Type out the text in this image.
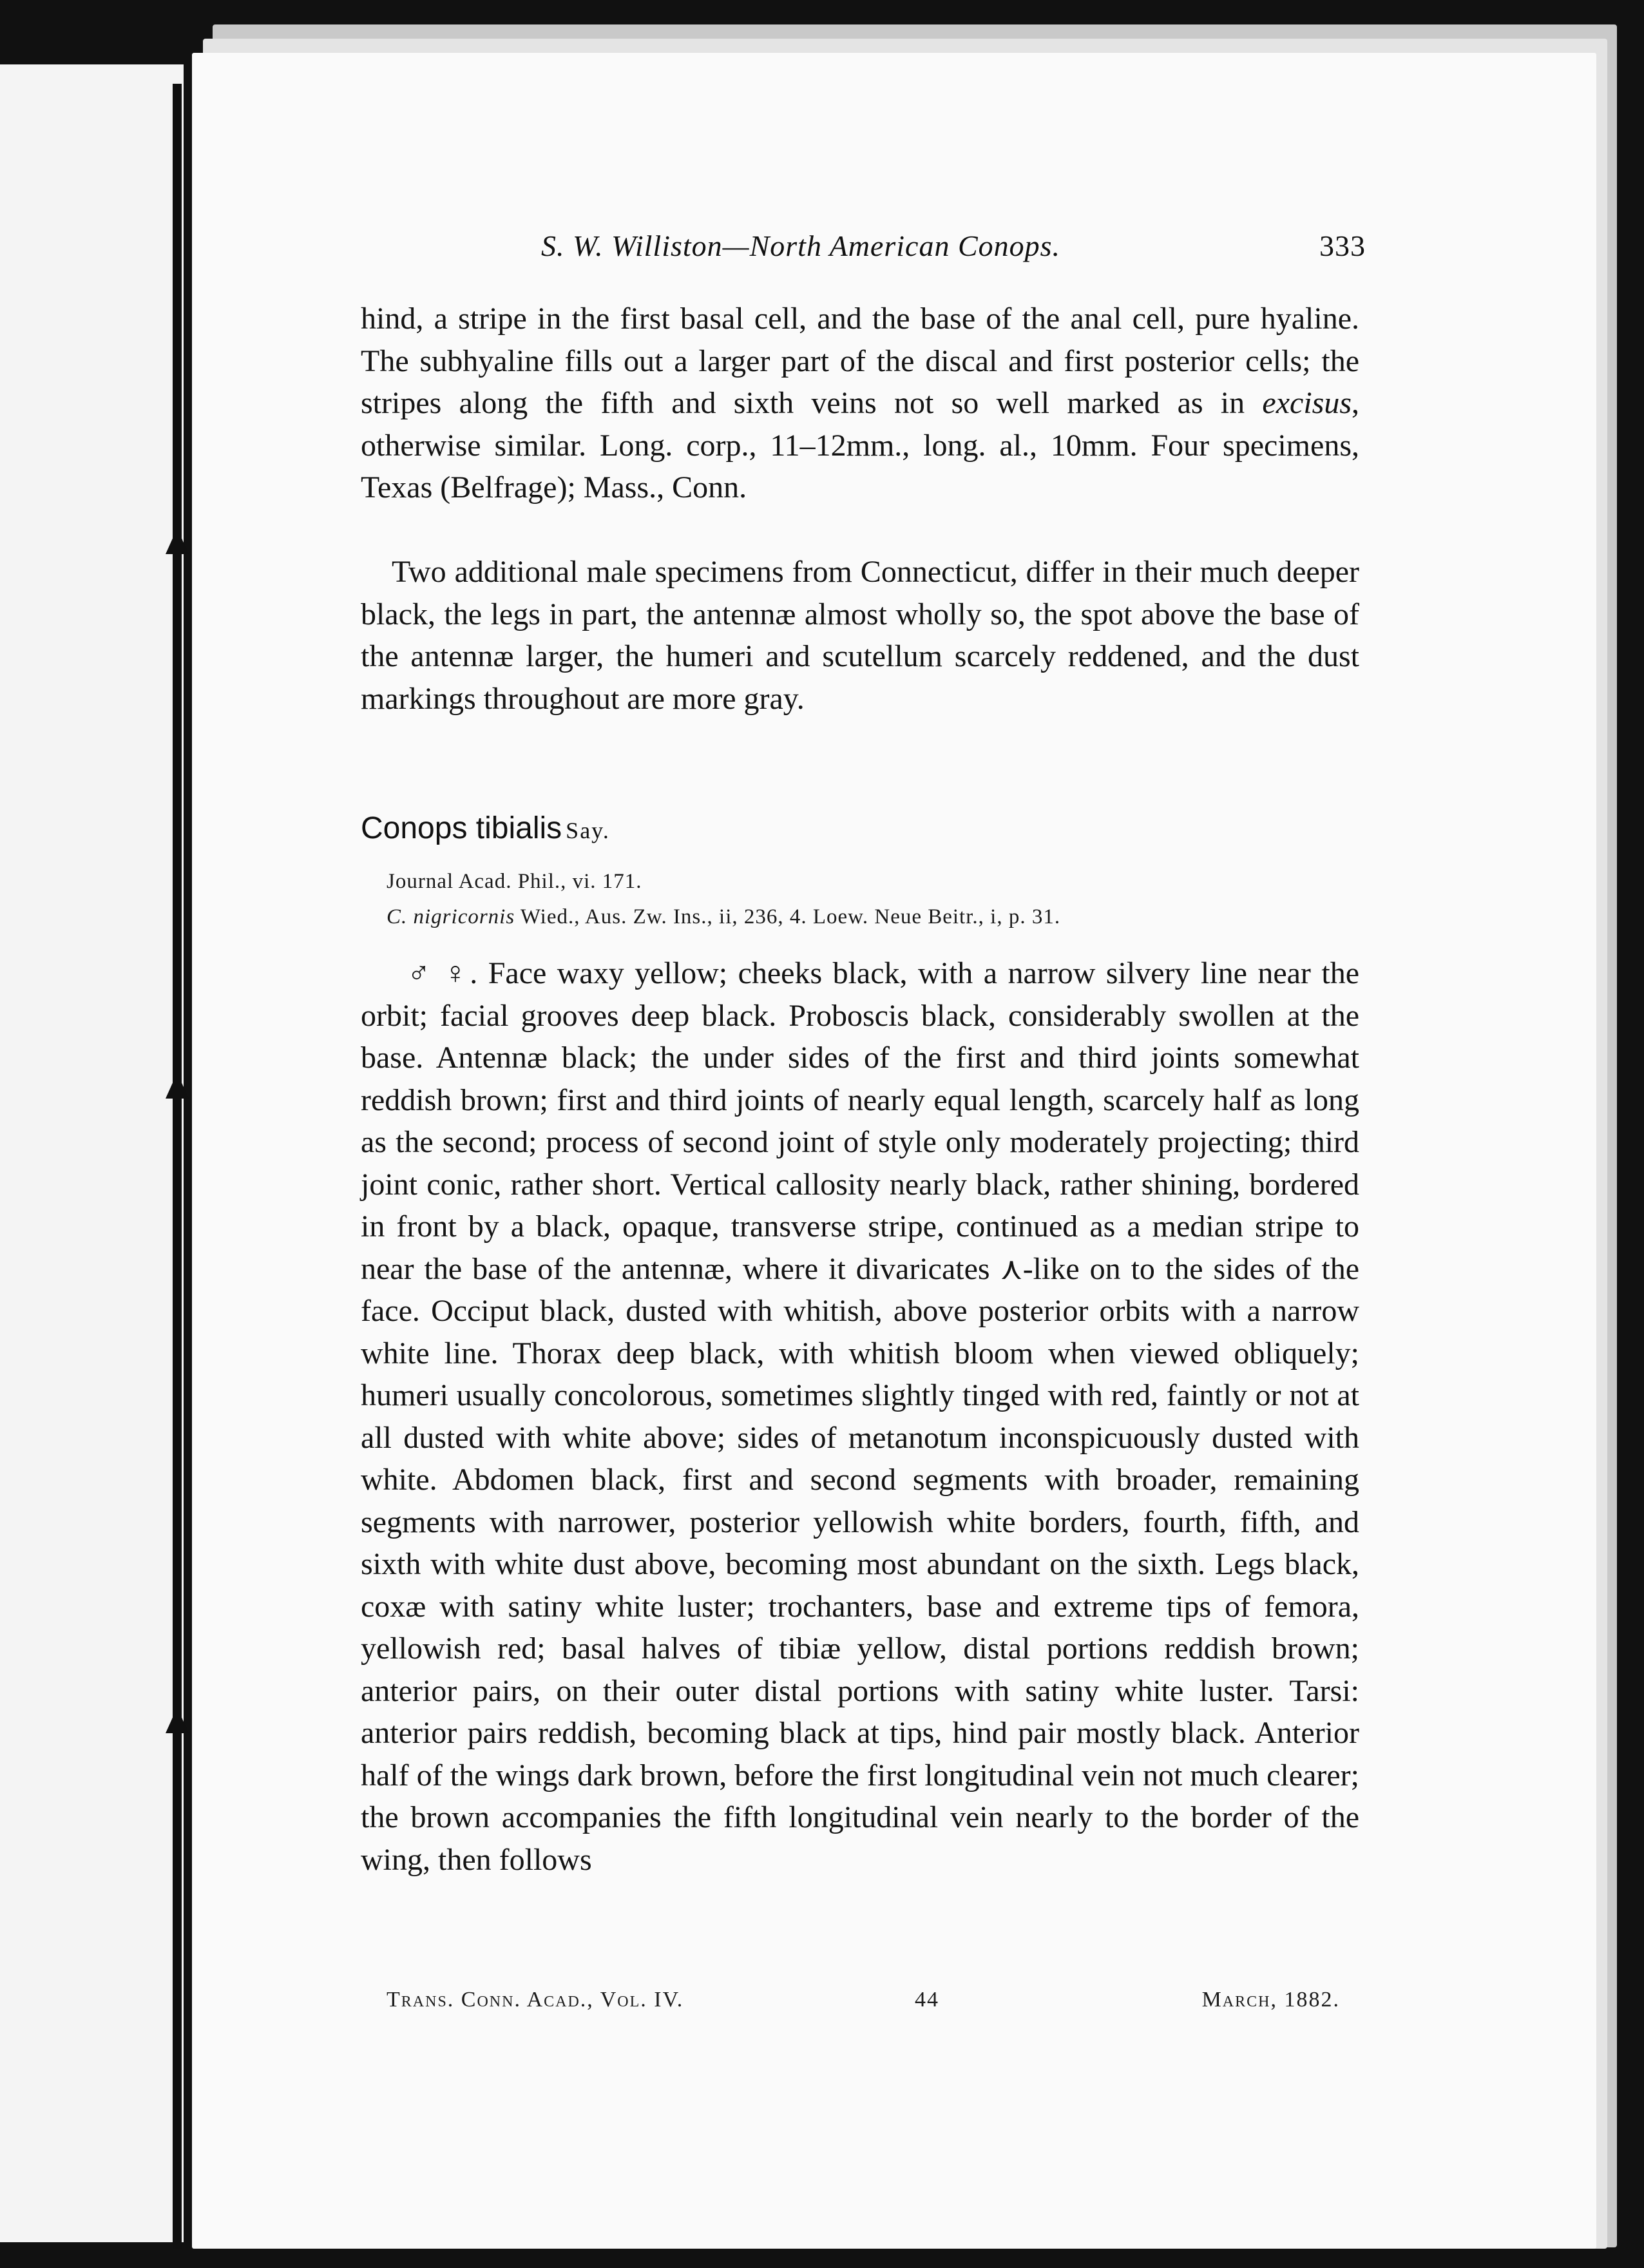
S. W. Williston—North American Conops.	333
hind, a stripe in the first basal cell, and the base of the anal cell, pure hyaline. The subhyaline fills out a larger part of the discal and first posterior cells; the stripes along the fifth and sixth veins not so well marked as in excisus, otherwise similar. Long. corp., 11–12mm., long. al., 10mm. Four specimens, Texas (Belfrage); Mass., Conn.
Two additional male specimens from Connecticut, differ in their much deeper black, the legs in part, the antennæ almost wholly so, the spot above the base of the antennæ larger, the humeri and scutellum scarcely reddened, and the dust markings throughout are more gray.
Conops tibialis Say.
Journal Acad. Phil., vi. 171.
C. nigricornis Wied., Aus. Zw. Ins., ii, 236, 4. Loew. Neue Beitr., i, p. 31.
♂ ♀. Face waxy yellow; cheeks black, with a narrow silvery line near the orbit; facial grooves deep black. Proboscis black, considerably swollen at the base. Antennæ black; the under sides of the first and third joints somewhat reddish brown; first and third joints of nearly equal length, scarcely half as long as the second; process of second joint of style only moderately projecting; third joint conic, rather short. Vertical callosity nearly black, rather shining, bordered in front by a black, opaque, transverse stripe, continued as a median stripe to near the base of the antennæ, where it divaricates ⋏-like on to the sides of the face. Occiput black, dusted with whitish, above posterior orbits with a narrow white line. Thorax deep black, with whitish bloom when viewed obliquely; humeri usually concolorous, sometimes slightly tinged with red, faintly or not at all dusted with white above; sides of metanotum inconspicuously dusted with white. Abdomen black, first and second segments with broader, remaining segments with narrower, posterior yellowish white borders, fourth, fifth, and sixth with white dust above, becoming most abundant on the sixth. Legs black, coxæ with satiny white luster; trochanters, base and extreme tips of femora, yellowish red; basal halves of tibiæ yellow, distal portions reddish brown; anterior pairs, on their outer distal portions with satiny white luster. Tarsi: anterior pairs reddish, becoming black at tips, hind pair mostly black. Anterior half of the wings dark brown, before the first longitudinal vein not much clearer; the brown accompanies the fifth longitudinal vein nearly to the border of the wing, then follows
Trans. Conn. Acad., Vol. IV.	44	March, 1882.
